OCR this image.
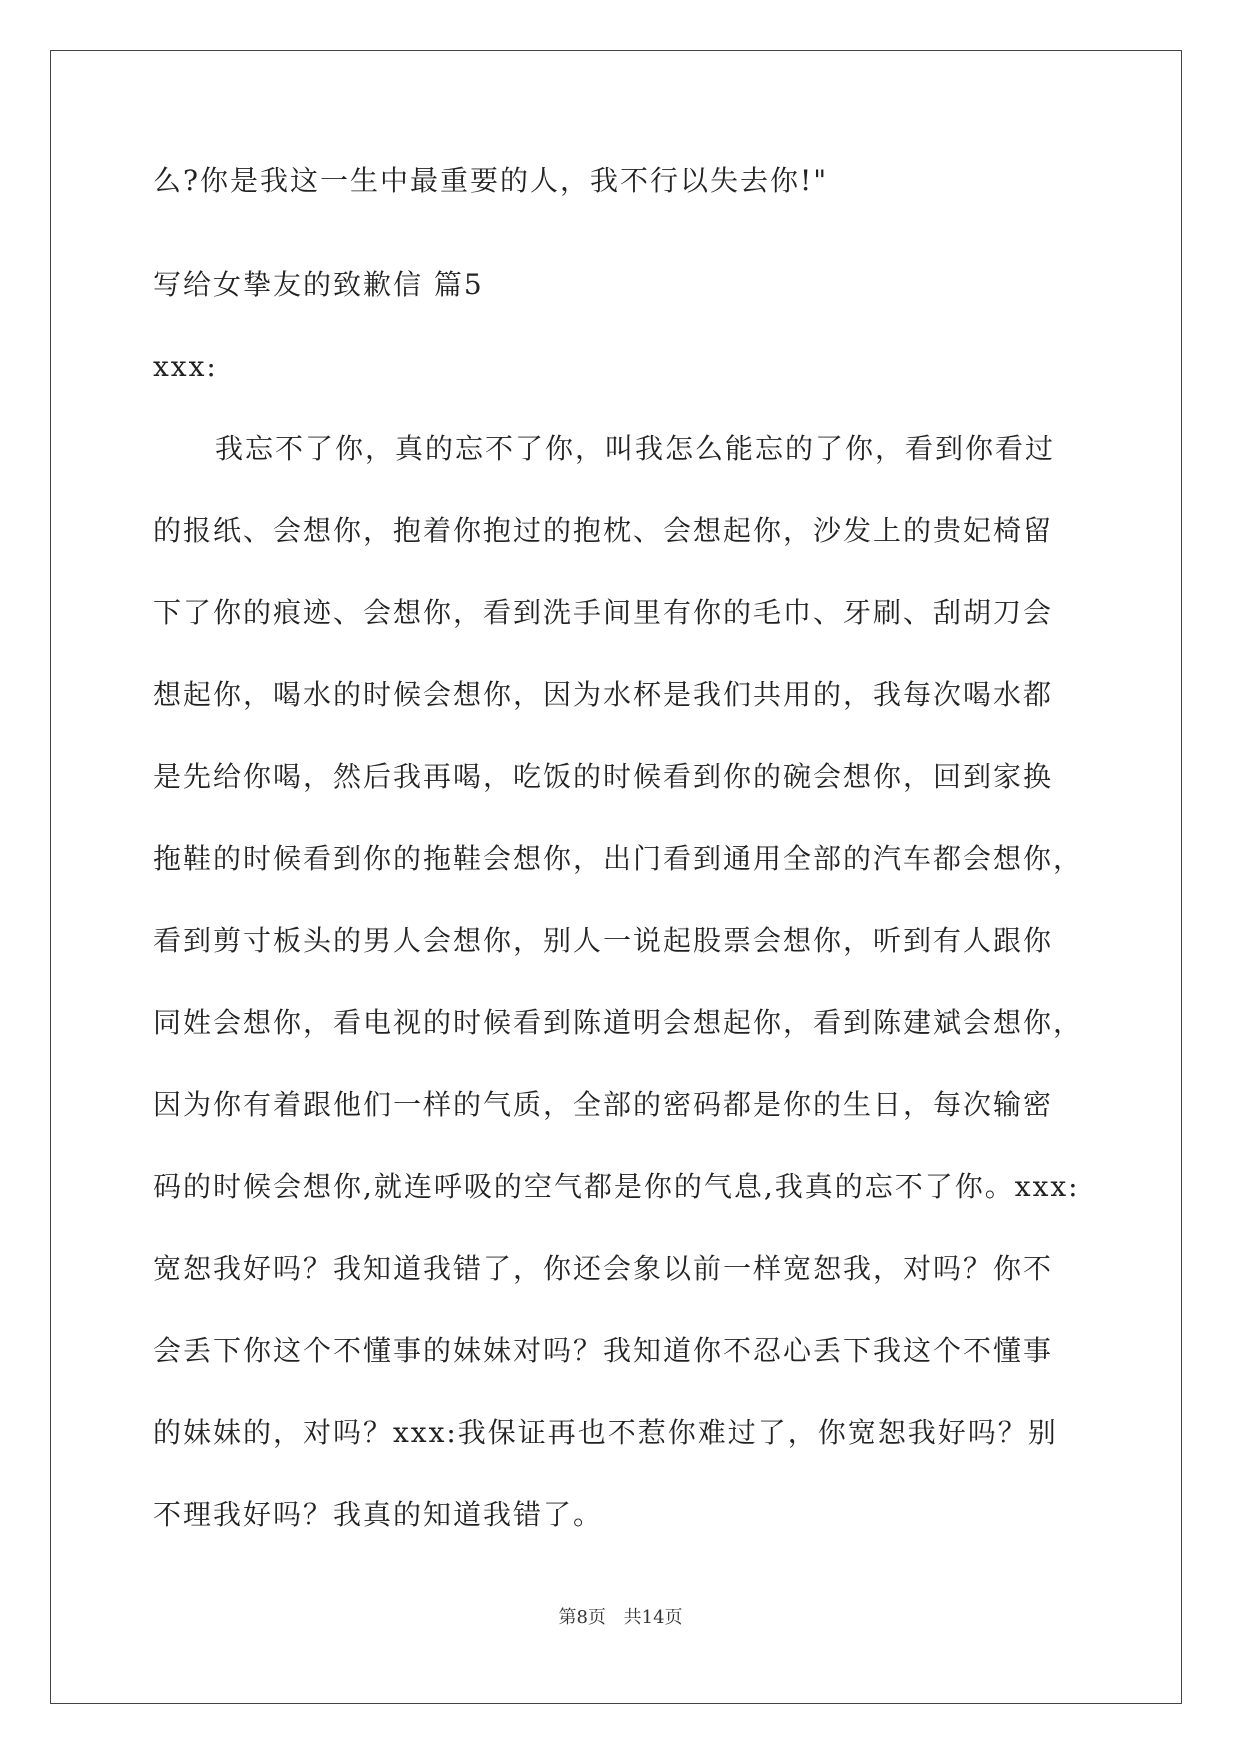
么?你是我这一生中最重要的人，我不行以失去你!"
写给女挚友的致歉信 篇5
xxx:
我忘不了你，真的忘不了你，叫我怎么能忘的了你，看到你看过
的报纸、会想你，抱着你抱过的抱枕、会想起你，沙发上的贵妃椅留
下了你的痕迹、会想你，看到洗手间里有你的毛巾、牙刷、刮胡刀会
想起你，喝水的时候会想你，因为水杯是我们共用的，我每次喝水都
是先给你喝，然后我再喝，吃饭的时候看到你的碗会想你，回到家换
拖鞋的时候看到你的拖鞋会想你，出门看到通用全部的汽车都会想你，
看到剪寸板头的男人会想你，别人一说起股票会想你，听到有人跟你
同姓会想你，看电视的时候看到陈道明会想起你，看到陈建斌会想你，
因为你有着跟他们一样的气质，全部的密码都是你的生日，每次输密
码的时候会想你,就连呼吸的空气都是你的气息,我真的忘不了你。xxx:
宽恕我好吗？我知道我错了，你还会象以前一样宽恕我，对吗？你不
会丢下你这个不懂事的妹妹对吗？我知道你不忍心丢下我这个不懂事
的妹妹的，对吗？xxx:我保证再也不惹你难过了，你宽恕我好吗？别
不理我好吗？我真的知道我错了。
第8页 共14页
